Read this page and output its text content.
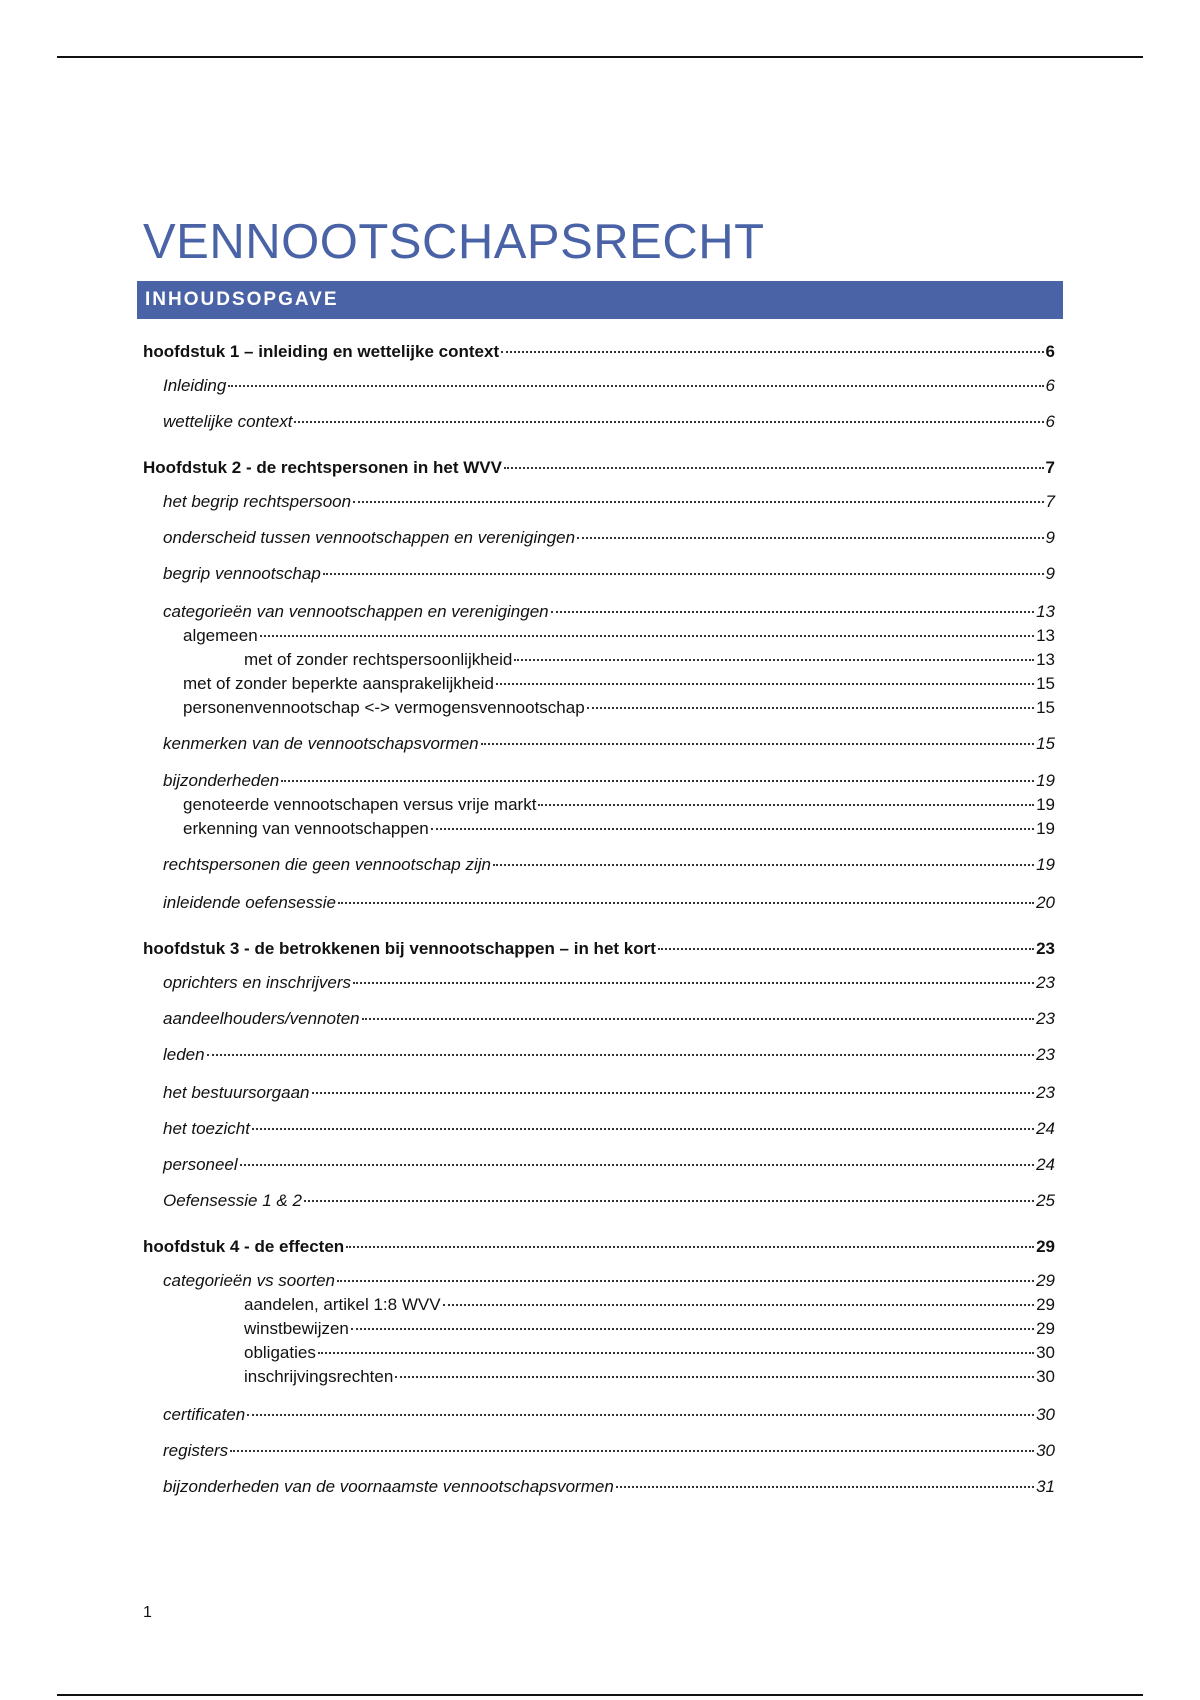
VENNOOTSCHAPSRECHT
INHOUDSOPGAVE
hoofdstuk 1 – inleiding en wettelijke context	6
Inleiding	6
wettelijke context	6
Hoofdstuk 2 - de rechtspersonen in het WVV	7
het begrip rechtspersoon	7
onderscheid tussen vennootschappen en verenigingen	9
begrip vennootschap	9
categorieën van vennootschappen en verenigingen	13
algemeen	13
met of zonder rechtspersoonlijkheid	13
met of zonder beperkte aansprakelijkheid	15
personenvennootschap <-> vermogensvennootschap	15
kenmerken van de vennootschapsvormen	15
bijzonderheden	19
genoteerde vennootschapen versus vrije markt	19
erkenning van vennootschappen	19
rechtspersonen die geen vennootschap zijn	19
inleidende oefensessie	20
hoofdstuk 3 - de betrokkenen bij vennootschappen – in het kort	23
oprichters en inschrijvers	23
aandeelhouders/vennoten	23
leden	23
het bestuursorgaan	23
het toezicht	24
personeel	24
Oefensessie 1 & 2	25
hoofdstuk 4 - de effecten	29
categorieën vs soorten	29
aandelen, artikel 1:8 WVV	29
winstbewijzen	29
obligaties	30
inschrijvingsrechten	30
certificaten	30
registers	30
bijzonderheden van de voornaamste vennootschapsvormen	31
1
